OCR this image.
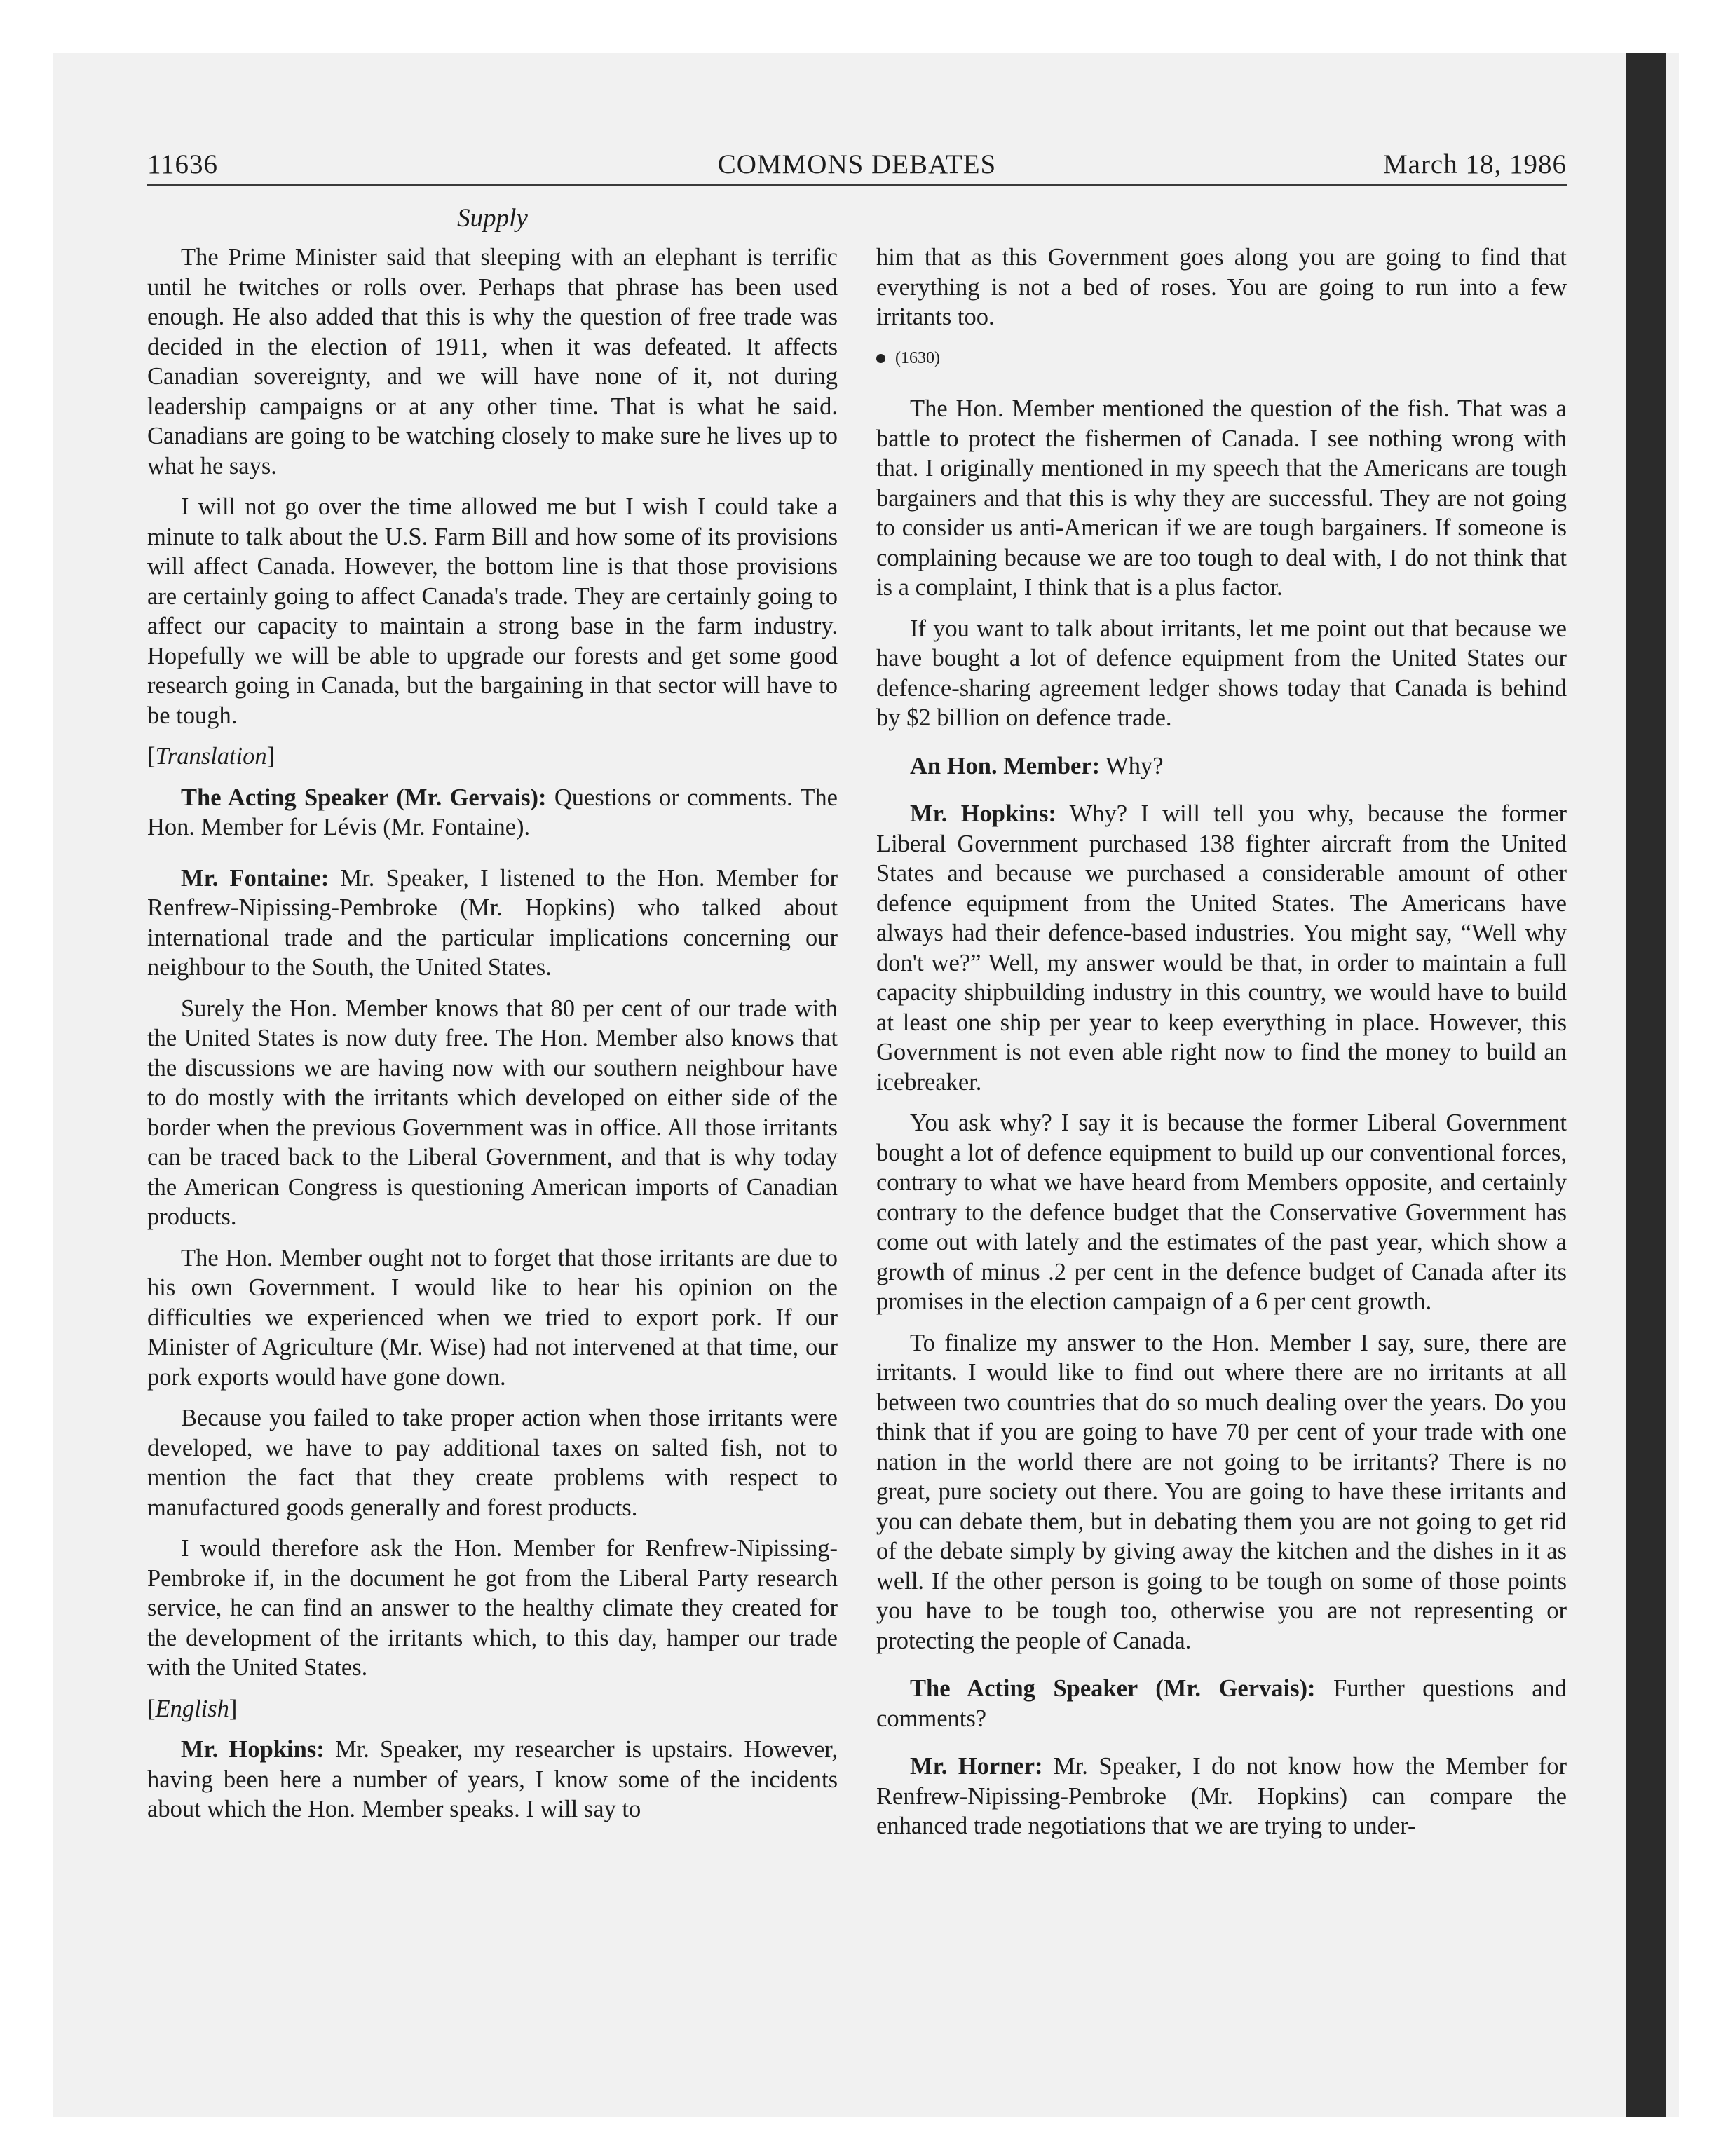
11636	COMMONS DEBATES	March 18, 1986
Supply

The Prime Minister said that sleeping with an elephant is terrific until he twitches or rolls over. Perhaps that phrase has been used enough. He also added that this is why the question of free trade was decided in the election of 1911, when it was defeated. It affects Canadian sovereignty, and we will have none of it, not during leadership campaigns or at any other time. That is what he said. Canadians are going to be watching closely to make sure he lives up to what he says.

I will not go over the time allowed me but I wish I could take a minute to talk about the U.S. Farm Bill and how some of its provisions will affect Canada. However, the bottom line is that those provisions are certainly going to affect Canada's trade. They are certainly going to affect our capacity to maintain a strong base in the farm industry. Hopefully we will be able to upgrade our forests and get some good research going in Canada, but the bargaining in that sector will have to be tough.

[Translation]

The Acting Speaker (Mr. Gervais): Questions or comments. The Hon. Member for Lévis (Mr. Fontaine).

Mr. Fontaine: Mr. Speaker, I listened to the Hon. Member for Renfrew-Nipissing-Pembroke (Mr. Hopkins) who talked about international trade and the particular implications concerning our neighbour to the South, the United States.

Surely the Hon. Member knows that 80 per cent of our trade with the United States is now duty free. The Hon. Member also knows that the discussions we are having now with our southern neighbour have to do mostly with the irritants which developed on either side of the border when the previous Government was in office. All those irritants can be traced back to the Liberal Government, and that is why today the American Congress is questioning American imports of Canadian products.

The Hon. Member ought not to forget that those irritants are due to his own Government. I would like to hear his opinion on the difficulties we experienced when we tried to export pork. If our Minister of Agriculture (Mr. Wise) had not intervened at that time, our pork exports would have gone down.

Because you failed to take proper action when those irritants were developed, we have to pay additional taxes on salted fish, not to mention the fact that they create problems with respect to manufactured goods generally and forest products.

I would therefore ask the Hon. Member for Renfrew-Nipissing-Pembroke if, in the document he got from the Liberal Party research service, he can find an answer to the healthy climate they created for the development of the irritants which, to this day, hamper our trade with the United States.

[English]

Mr. Hopkins: Mr. Speaker, my researcher is upstairs. However, having been here a number of years, I know some of the incidents about which the Hon. Member speaks. I will say to

him that as this Government goes along you are going to find that everything is not a bed of roses. You are going to run into a few irritants too.

(1630)

The Hon. Member mentioned the question of the fish. That was a battle to protect the fishermen of Canada. I see nothing wrong with that. I originally mentioned in my speech that the Americans are tough bargainers and that this is why they are successful. They are not going to consider us anti-American if we are tough bargainers. If someone is complaining because we are too tough to deal with, I do not think that is a complaint, I think that is a plus factor.

If you want to talk about irritants, let me point out that because we have bought a lot of defence equipment from the United States our defence-sharing agreement ledger shows today that Canada is behind by $2 billion on defence trade.

An Hon. Member: Why?

Mr. Hopkins: Why? I will tell you why, because the former Liberal Government purchased 138 fighter aircraft from the United States and because we purchased a considerable amount of other defence equipment from the United States. The Americans have always had their defence-based industries. You might say, “Well why don't we?” Well, my answer would be that, in order to maintain a full capacity shipbuilding industry in this country, we would have to build at least one ship per year to keep everything in place. However, this Government is not even able right now to find the money to build an icebreaker.

You ask why? I say it is because the former Liberal Government bought a lot of defence equipment to build up our conventional forces, contrary to what we have heard from Members opposite, and certainly contrary to the defence budget that the Conservative Government has come out with lately and the estimates of the past year, which show a growth of minus .2 per cent in the defence budget of Canada after its promises in the election campaign of a 6 per cent growth.

To finalize my answer to the Hon. Member I say, sure, there are irritants. I would like to find out where there are no irritants at all between two countries that do so much dealing over the years. Do you think that if you are going to have 70 per cent of your trade with one nation in the world there are not going to be irritants? There is no great, pure society out there. You are going to have these irritants and you can debate them, but in debating them you are not going to get rid of the debate simply by giving away the kitchen and the dishes in it as well. If the other person is going to be tough on some of those points you have to be tough too, otherwise you are not representing or protecting the people of Canada.

The Acting Speaker (Mr. Gervais): Further questions and comments?

Mr. Horner: Mr. Speaker, I do not know how the Member for Renfrew-Nipissing-Pembroke (Mr. Hopkins) can compare the enhanced trade negotiations that we are trying to under-
